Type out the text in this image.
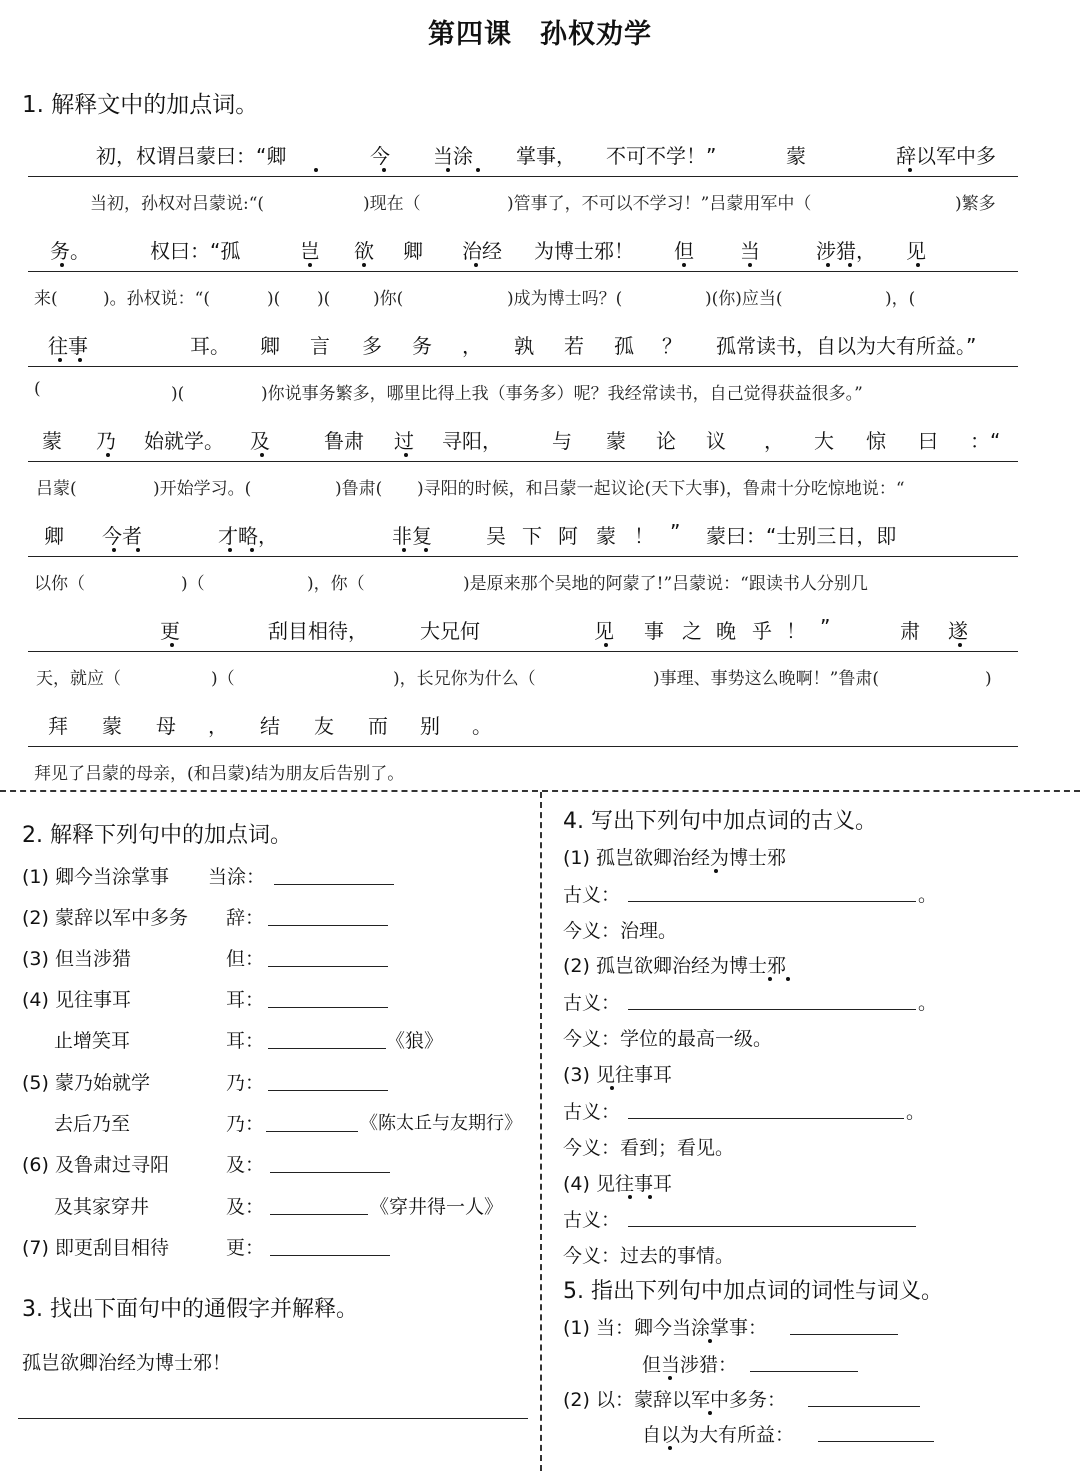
第四课　孙权劝学
1. 解释文中的加点词。
初，权谓吕蒙曰：“卿	今 当涂 掌事， 不可不学！”	蒙	辞以军中多
当初，孙权对吕蒙说:“(	　)现在（	　)管事了，不可以不学习！”吕蒙用军中（	　)繁多
务。	权曰：“孤	岂 欲 卿 治经 为博士邪！ 但 当	涉猎， 见
来( 　)。孙权说：“( 　)( 　)( 　)你(	　)成为博士吗？(	　)(你)应当(	　)，(
往事	耳。 卿 言 多 务 ， 孰 若 孤 ？ 孤常读书，自以为大有所益。”
(	　)(	　)你说事务繁多，哪里比得上我（事务多）呢？我经常读书，自己觉得获益很多。”
蒙 乃 始就学。 及	鲁肃 过 寻阳，	与 蒙 论 议 ， 大 惊 曰 ：“
吕蒙(	　)开始学习。(	　)鲁肃( 　)寻阳的时候，和吕蒙一起议论(天下大事)，鲁肃十分吃惊地说：“
卿 今者	才略，	非复	吴 下 阿 蒙 ！ ” 蒙曰：“士别三日，即
以你（	　)（	　)，你（	　)是原来那个吴地的阿蒙了!”吕蒙说：“跟读书人分别几
更	刮目相待，	大兄何	见 事 之 晚 乎 ！ ”	肃 遂
天，就应（	　)（	　)，长兄你为什么（	　)事理、事势这么晚啊！”鲁肃(	　)
拜 蒙 母 ， 结 友 而 别 。
拜见了吕蒙的母亲，(和吕蒙)结为朋友后告别了。
2. 解释下列句中的加点词。
(1) 卿今当涂掌事 当涂：
(2) 蒙辞以军中多务 辞：
(3) 但当涉猎	但：
(4) 见往事耳	耳：
止增笑耳	耳：	《狼》
(5) 蒙乃始就学	乃：
去后乃至	乃：	《陈太丘与友期行》
(6) 及鲁肃过寻阳	及：
及其家穿井	及：	《穿井得一人》
(7) 即更刮目相待	更：
3. 找出下面句中的通假字并解释。
孤岂欲卿治经为博士邪！
4. 写出下列句中加点词的古义。
(1) 孤岂欲卿治经为博士邪
古义：	。
今义：治理。
(2) 孤岂欲卿治经为博士邪
古义：	。
今义：学位的最高一级。
(3) 见往事耳
古义：	。
今义：看到；看见。
(4) 见往事耳
古义：
今义：过去的事情。
5. 指出下列句中加点词的词性与词义。
(1) 当：卿今当涂掌事：
但当涉猎：
(2) 以：蒙辞以军中多务：
自以为大有所益：
